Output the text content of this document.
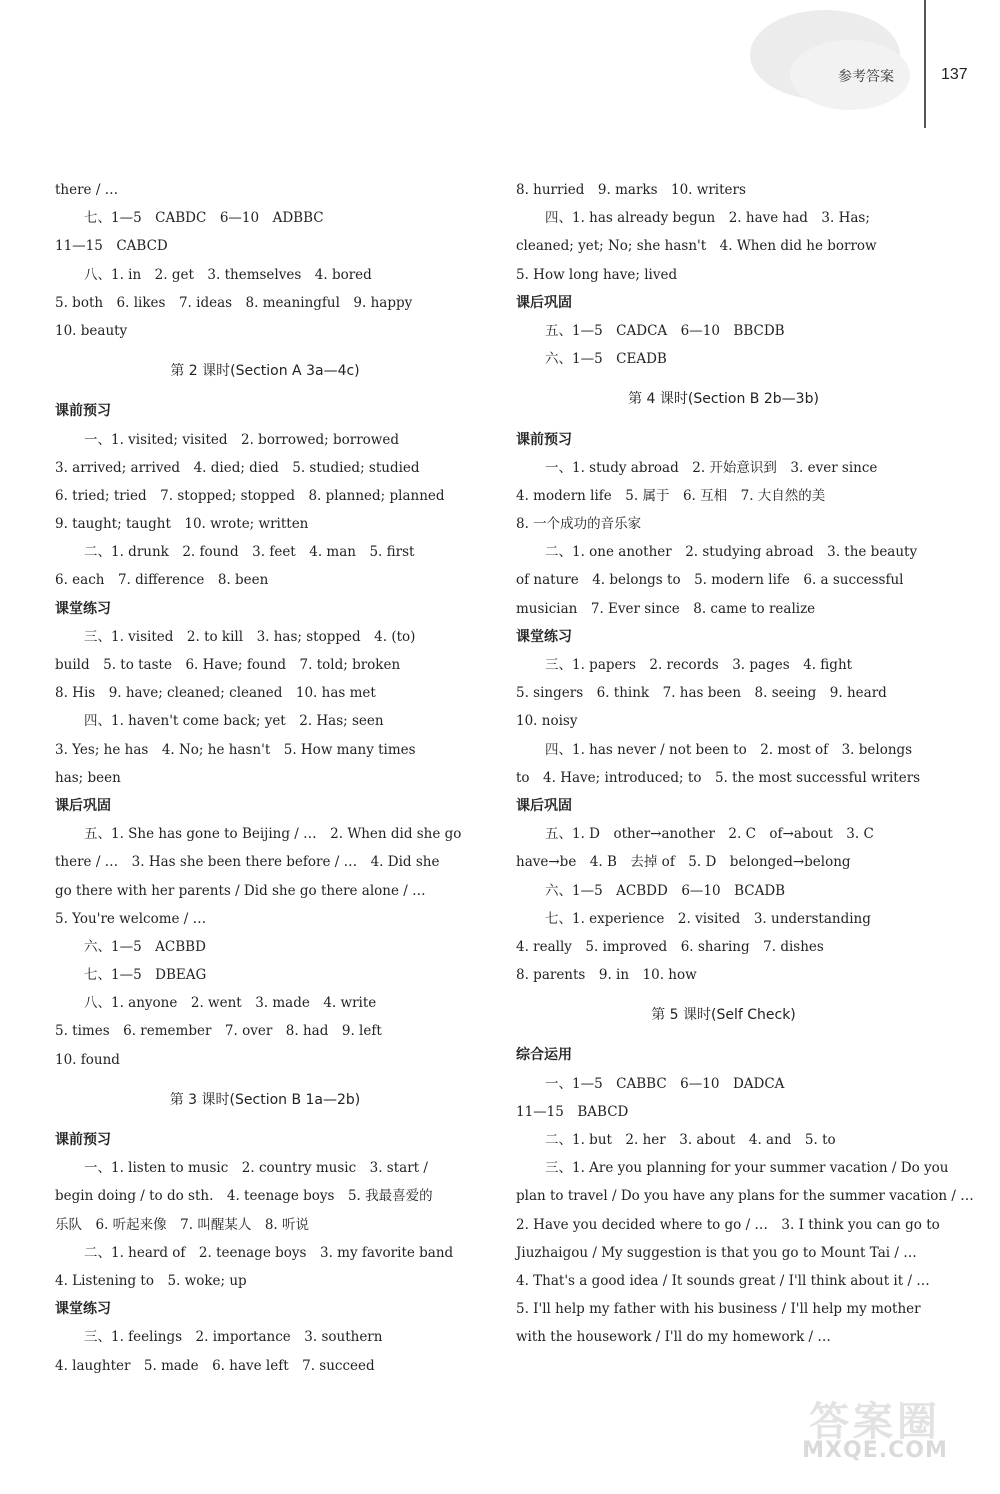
参考答案	137
there / …
七、1—5　CABDC　6—10　ADBBC
11—15　CABCD
八、1. in　2. get　3. themselves　4. bored
5. both　6. likes　7. ideas　8. meaningful　9. happy
10. beauty
第 2 课时(Section A 3a—4c)
课前预习
一、1. visited; visited　2. borrowed; borrowed
3. arrived; arrived　4. died; died　5. studied; studied
6. tried; tried　7. stopped; stopped　8. planned; planned
9. taught; taught　10. wrote; written
二、1. drunk　2. found　3. feet　4. man　5. first
6. each　7. difference　8. been
课堂练习
三、1. visited　2. to kill　3. has; stopped　4. (to)
build　5. to taste　6. Have; found　7. told; broken
8. His　9. have; cleaned; cleaned　10. has met
四、1. haven't come back; yet　2. Has; seen
3. Yes; he has　4. No; he hasn't　5. How many times
has; been
课后巩固
五、1. She has gone to Beijing / …　2. When did she go
there / …　3. Has she been there before / …　4. Did she
go there with her parents / Did she go there alone / …
5. You're welcome / …
六、1—5　ACBBD
七、1—5　DBEAG
八、1. anyone　2. went　3. made　4. write
5. times　6. remember　7. over　8. had　9. left
10. found
第 3 课时(Section B 1a—2b)
课前预习
一、1. listen to music　2. country music　3. start /
begin doing / to do sth.　4. teenage boys　5. 我最喜爱的
乐队　6. 听起来像　7. 叫醒某人　8. 听说
二、1. heard of　2. teenage boys　3. my favorite band
4. Listening to　5. woke; up
课堂练习
三、1. feelings　2. importance　3. southern
4. laughter　5. made　6. have left　7. succeed
8. hurried　9. marks　10. writers
四、1. has already begun　2. have had　3. Has;
cleaned; yet; No; she hasn't　4. When did he borrow
5. How long have; lived
课后巩固
五、1—5　CADCA　6—10　BBCDB
六、1—5　CEADB
第 4 课时(Section B 2b—3b)
课前预习
一、1. study abroad　2. 开始意识到　3. ever since
4. modern life　5. 属于　6. 互相　7. 大自然的美
8. 一个成功的音乐家
二、1. one another　2. studying abroad　3. the beauty
of nature　4. belongs to　5. modern life　6. a successful
musician　7. Ever since　8. came to realize
课堂练习
三、1. papers　2. records　3. pages　4. fight
5. singers　6. think　7. has been　8. seeing　9. heard
10. noisy
四、1. has never / not been to　2. most of　3. belongs
to　4. Have; introduced; to　5. the most successful writers
课后巩固
五、1. D　other→another　2. C　of→about　3. C
have→be　4. B　去掉 of　5. D　belonged→belong
六、1—5　ACBDD　6—10　BCADB
七、1. experience　2. visited　3. understanding
4. really　5. improved　6. sharing　7. dishes
8. parents　9. in　10. how
第 5 课时(Self Check)
综合运用
一、1—5　CABBC　6—10　DADCA
11—15　BABCD
二、1. but　2. her　3. about　4. and　5. to
三、1. Are you planning for your summer vacation / Do you
plan to travel / Do you have any plans for the summer vacation / …
2. Have you decided where to go / …　3. I think you can go to
Jiuzhaigou / My suggestion is that you go to Mount Tai / …
4. That's a good idea / It sounds great / I'll think about it / …
5. I'll help my father with his business / I'll help my mother
with the housework / I'll do my homework / …
答案圈
MXQE.COM
